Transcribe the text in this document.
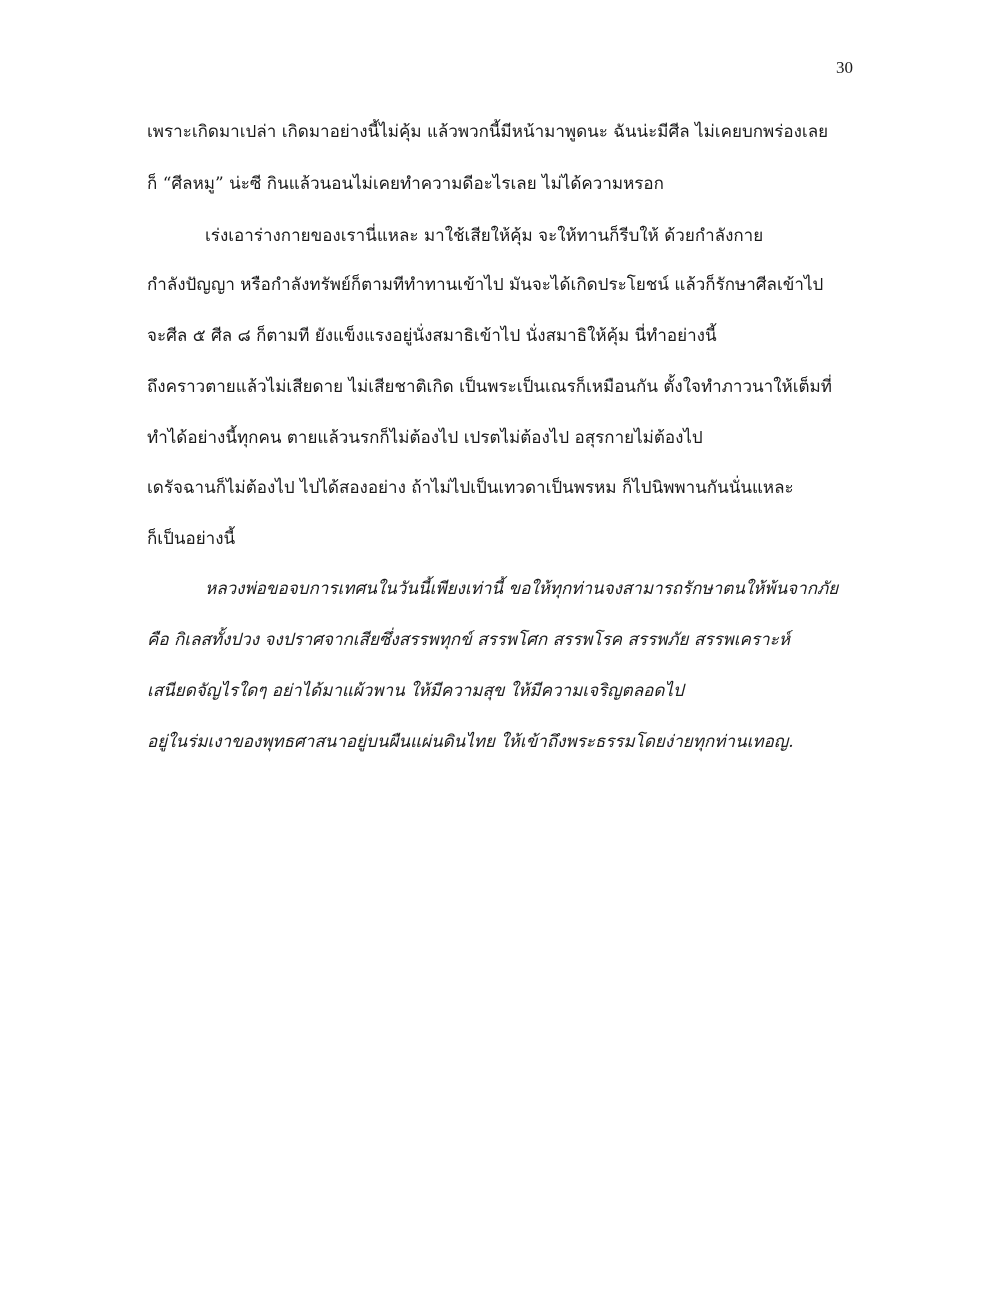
30
เพราะเกิดมาเปล่า เกิดมาอย่างนี้ไม่คุ้ม แล้วพวกนี้มีหน้ามาพูดนะ ฉันน่ะมีศีล ไม่เคยบกพร่องเลย
ก็ “ศีลหมู” น่ะซี กินแล้วนอนไม่เคยทำความดีอะไรเลย ไม่ได้ความหรอก
เร่งเอาร่างกายของเรานี่แหละ มาใช้เสียให้คุ้ม จะให้ทานก็รีบให้ ด้วยกำลังกาย
กำลังปัญญา หรือกำลังทรัพย์ก็ตามทีทำทานเข้าไป มันจะได้เกิดประโยชน์ แล้วก็รักษาศีลเข้าไป
จะศีล ๕ ศีล ๘ ก็ตามที ยังแข็งแรงอยู่นั่งสมาธิเข้าไป นั่งสมาธิให้คุ้ม นี่ทำอย่างนี้
ถึงคราวตายแล้วไม่เสียดาย ไม่เสียชาติเกิด เป็นพระเป็นเณรก็เหมือนกัน ตั้งใจทำภาวนาให้เต็มที่
ทำได้อย่างนี้ทุกคน ตายแล้วนรกก็ไม่ต้องไป เปรตไม่ต้องไป อสุรกายไม่ต้องไป
เดรัจฉานก็ไม่ต้องไป ไปได้สองอย่าง ถ้าไม่ไปเป็นเทวดาเป็นพรหม ก็ไปนิพพานกันนั่นแหละ
ก็เป็นอย่างนี้
หลวงพ่อขอจบการเทศนในวันนี้เพียงเท่านี้ ขอให้ทุกท่านจงสามารถรักษาตนให้พ้นจากภัย
คือ กิเลสทั้งปวง จงปราศจากเสียซึ่งสรรพทุกข์ สรรพโศก สรรพโรค สรรพภัย สรรพเคราะห์
เสนียดจัญไรใดๆ อย่าได้มาแผ้วพาน ให้มีความสุข ให้มีความเจริญตลอดไป
อยู่ในร่มเงาของพุทธศาสนาอยู่บนผืนแผ่นดินไทย ให้เข้าถึงพระธรรมโดยง่ายทุกท่านเทอญ.
